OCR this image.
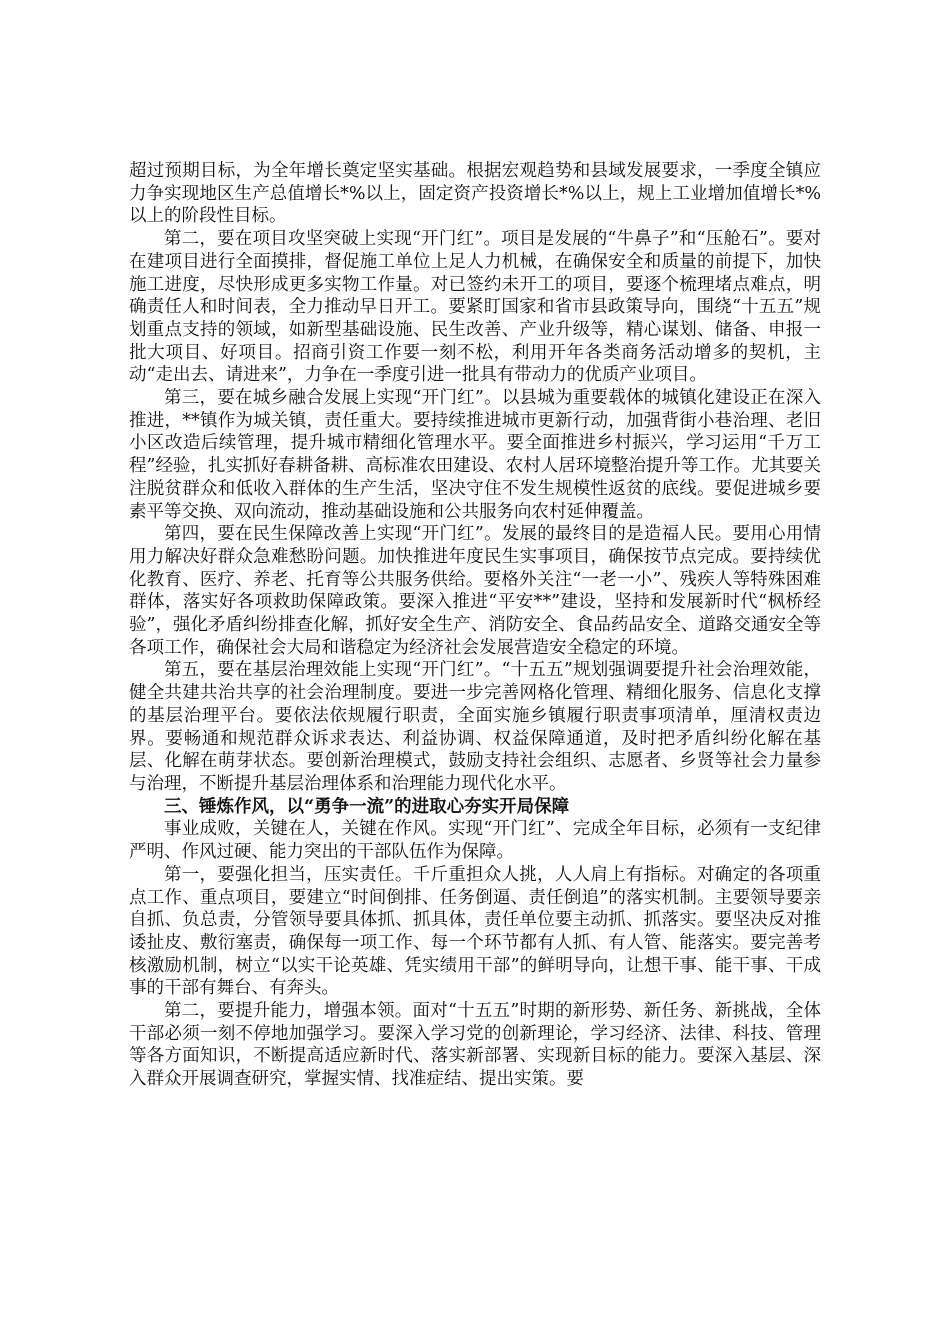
超过预期目标，为全年增长奠定坚实基础。根据宏观趋势和县域发展要求，一季度全镇应力争实现地区生产总值增长*%以上，固定资产投资增长*%以上，规上工业增加值增长*%以上的阶段性目标。

第二，要在项目攻坚突破上实现“开门红”。项目是发展的“牛鼻子”和“压舱石”。要对在建项目进行全面摸排，督促施工单位上足人力机械，在确保安全和质量的前提下，加快施工进度，尽快形成更多实物工作量。对已签约未开工的项目，要逐个梳理堵点难点，明确责任人和时间表，全力推动早日开工。要紧盯国家和省市县政策导向，围绕“十五五”规划重点支持的领域，如新型基础设施、民生改善、产业升级等，精心谋划、储备、申报一批大项目、好项目。招商引资工作要一刻不松，利用开年各类商务活动增多的契机，主动“走出去、请进来”，力争在一季度引进一批具有带动力的优质产业项目。

第三，要在城乡融合发展上实现“开门红”。以县城为重要载体的城镇化建设正在深入推进，**镇作为城关镇，责任重大。要持续推进城市更新行动，加强背街小巷治理、老旧小区改造后续管理，提升城市精细化管理水平。要全面推进乡村振兴，学习运用“千万工程”经验，扎实抓好春耕备耕、高标准农田建设、农村人居环境整治提升等工作。尤其要关注脱贫群众和低收入群体的生产生活，坚决守住不发生规模性返贫的底线。要促进城乡要素平等交换、双向流动，推动基础设施和公共服务向农村延伸覆盖。

第四，要在民生保障改善上实现“开门红”。发展的最终目的是造福人民。要用心用情用力解决好群众急难愁盼问题。加快推进年度民生实事项目，确保按节点完成。要持续优化教育、医疗、养老、托育等公共服务供给。要格外关注“一老一小”、残疾人等特殊困难群体，落实好各项救助保障政策。要深入推进“平安**”建设，坚持和发展新时代“枫桥经验”，强化矛盾纠纷排查化解，抓好安全生产、消防安全、食品药品安全、道路交通安全等各项工作，确保社会大局和谐稳定为经济社会发展营造安全稳定的环境。

第五，要在基层治理效能上实现“开门红”。“十五五”规划强调要提升社会治理效能，健全共建共治共享的社会治理制度。要进一步完善网格化管理、精细化服务、信息化支撑的基层治理平台。要依法依规履行职责，全面实施乡镇履行职责事项清单，厘清权责边界。要畅通和规范群众诉求表达、利益协调、权益保障通道，及时把矛盾纠纷化解在基层、化解在萌芽状态。要创新治理模式，鼓励支持社会组织、志愿者、乡贤等社会力量参与治理，不断提升基层治理体系和治理能力现代化水平。

三、锤炼作风，以“勇争一流”的进取心夯实开局保障

事业成败，关键在人，关键在作风。实现“开门红”、完成全年目标，必须有一支纪律严明、作风过硬、能力突出的干部队伍作为保障。

第一，要强化担当，压实责任。千斤重担众人挑，人人肩上有指标。对确定的各项重点工作、重点项目，要建立“时间倒排、任务倒逼、责任倒追”的落实机制。主要领导要亲自抓、负总责，分管领导要具体抓、抓具体，责任单位要主动抓、抓落实。要坚决反对推诿扯皮、敷衍塞责，确保每一项工作、每一个环节都有人抓、有人管、能落实。要完善考核激励机制，树立“以实干论英雄、凭实绩用干部”的鲜明导向，让想干事、能干事、干成事的干部有舞台、有奔头。

第二，要提升能力，增强本领。面对“十五五”时期的新形势、新任务、新挑战，全体干部必须一刻不停地加强学习。要深入学习党的创新理论，学习经济、法律、科技、管理等各方面知识，不断提高适应新时代、落实新部署、实现新目标的能力。要深入基层、深入群众开展调查研究，掌握实情、找准症结、提出实策。要
